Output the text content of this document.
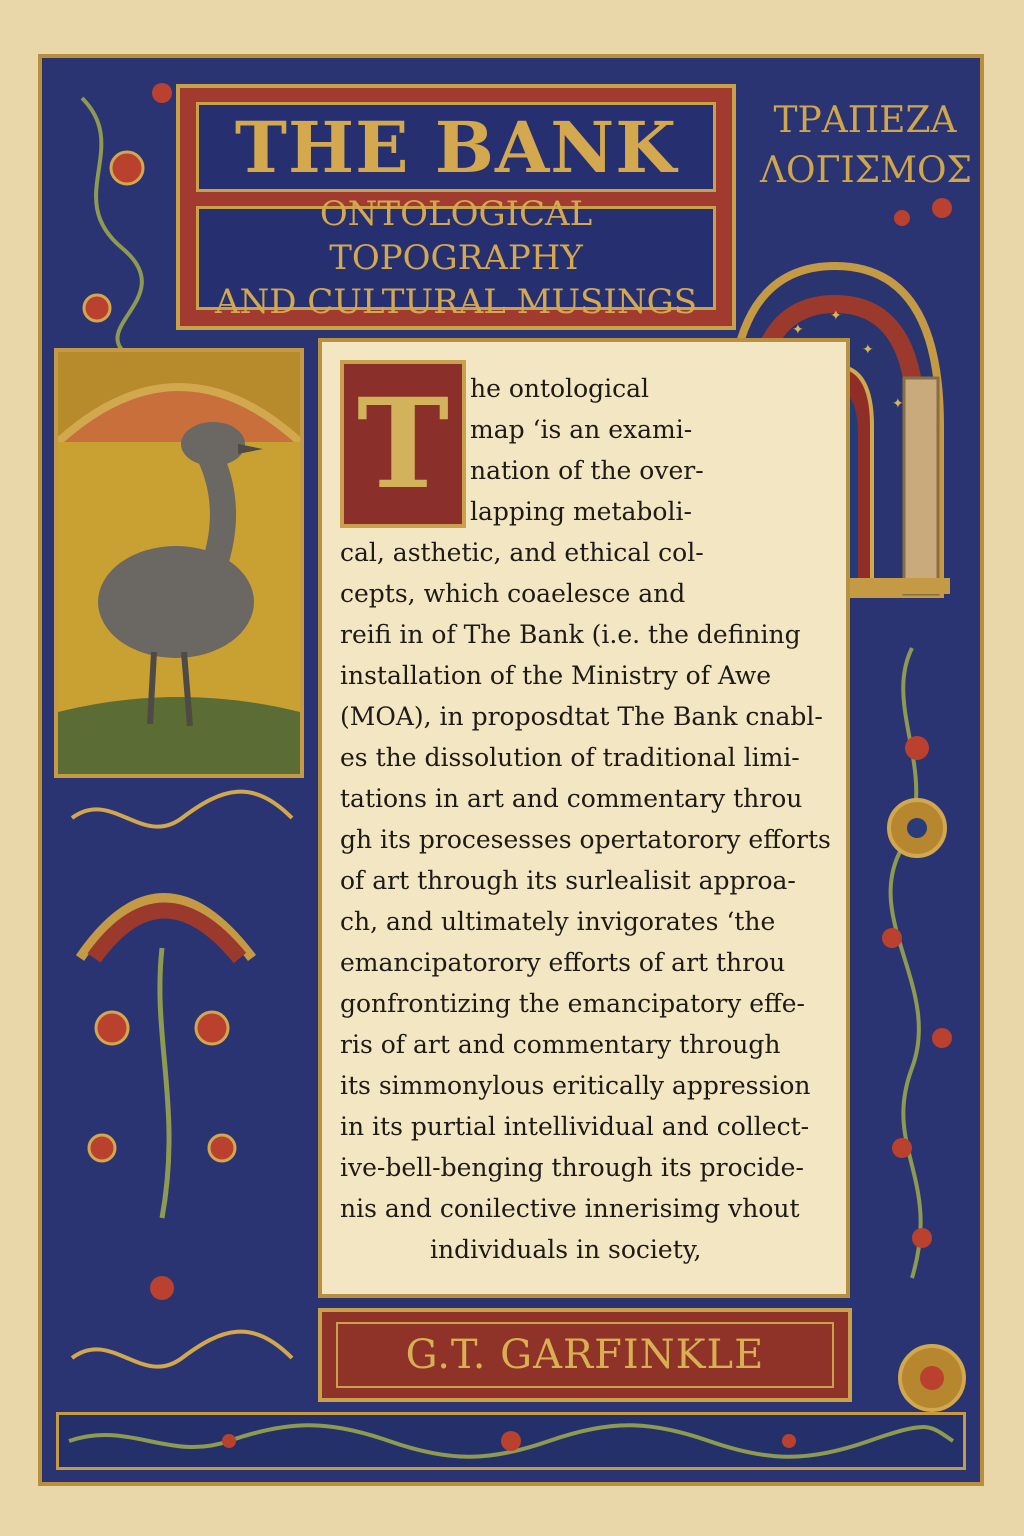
✦
✦
✦
✦
ΤΡΑΠΕΖΑ
ΛΟΓΙΣΜΟΣ
THE BANK
ONTOLOGICAL TOPOGRAPHY
AND CULTURAL MUSINGS
T he ontological
map ‘is an exami-
nation of the over-
lapping metaboli-
cal, asthetic, and ethical col-
cepts, which coaelesce and
reifi in of The Bank (i.e. the defining
installation of the Ministry of Awe
(MOA), in proposdtat The Bank cnabl-
es the dissolution of traditional limi-
tations in art and commentary throu
gh its procesesses opertatorory efforts
of art through its surlealisit approa-
ch, and ultimately invigorates ‘the
emancipatorory efforts of art throu
gonfrontizing the emancipatory effe-
ris of art and commentary through
its simmonylous eritically appression
in its purtial intellividual and collect-
ive-bell-benging through its procide-
nis and conilective innerisimg vhout
individuals in society,
G.T. GARFINKLE
